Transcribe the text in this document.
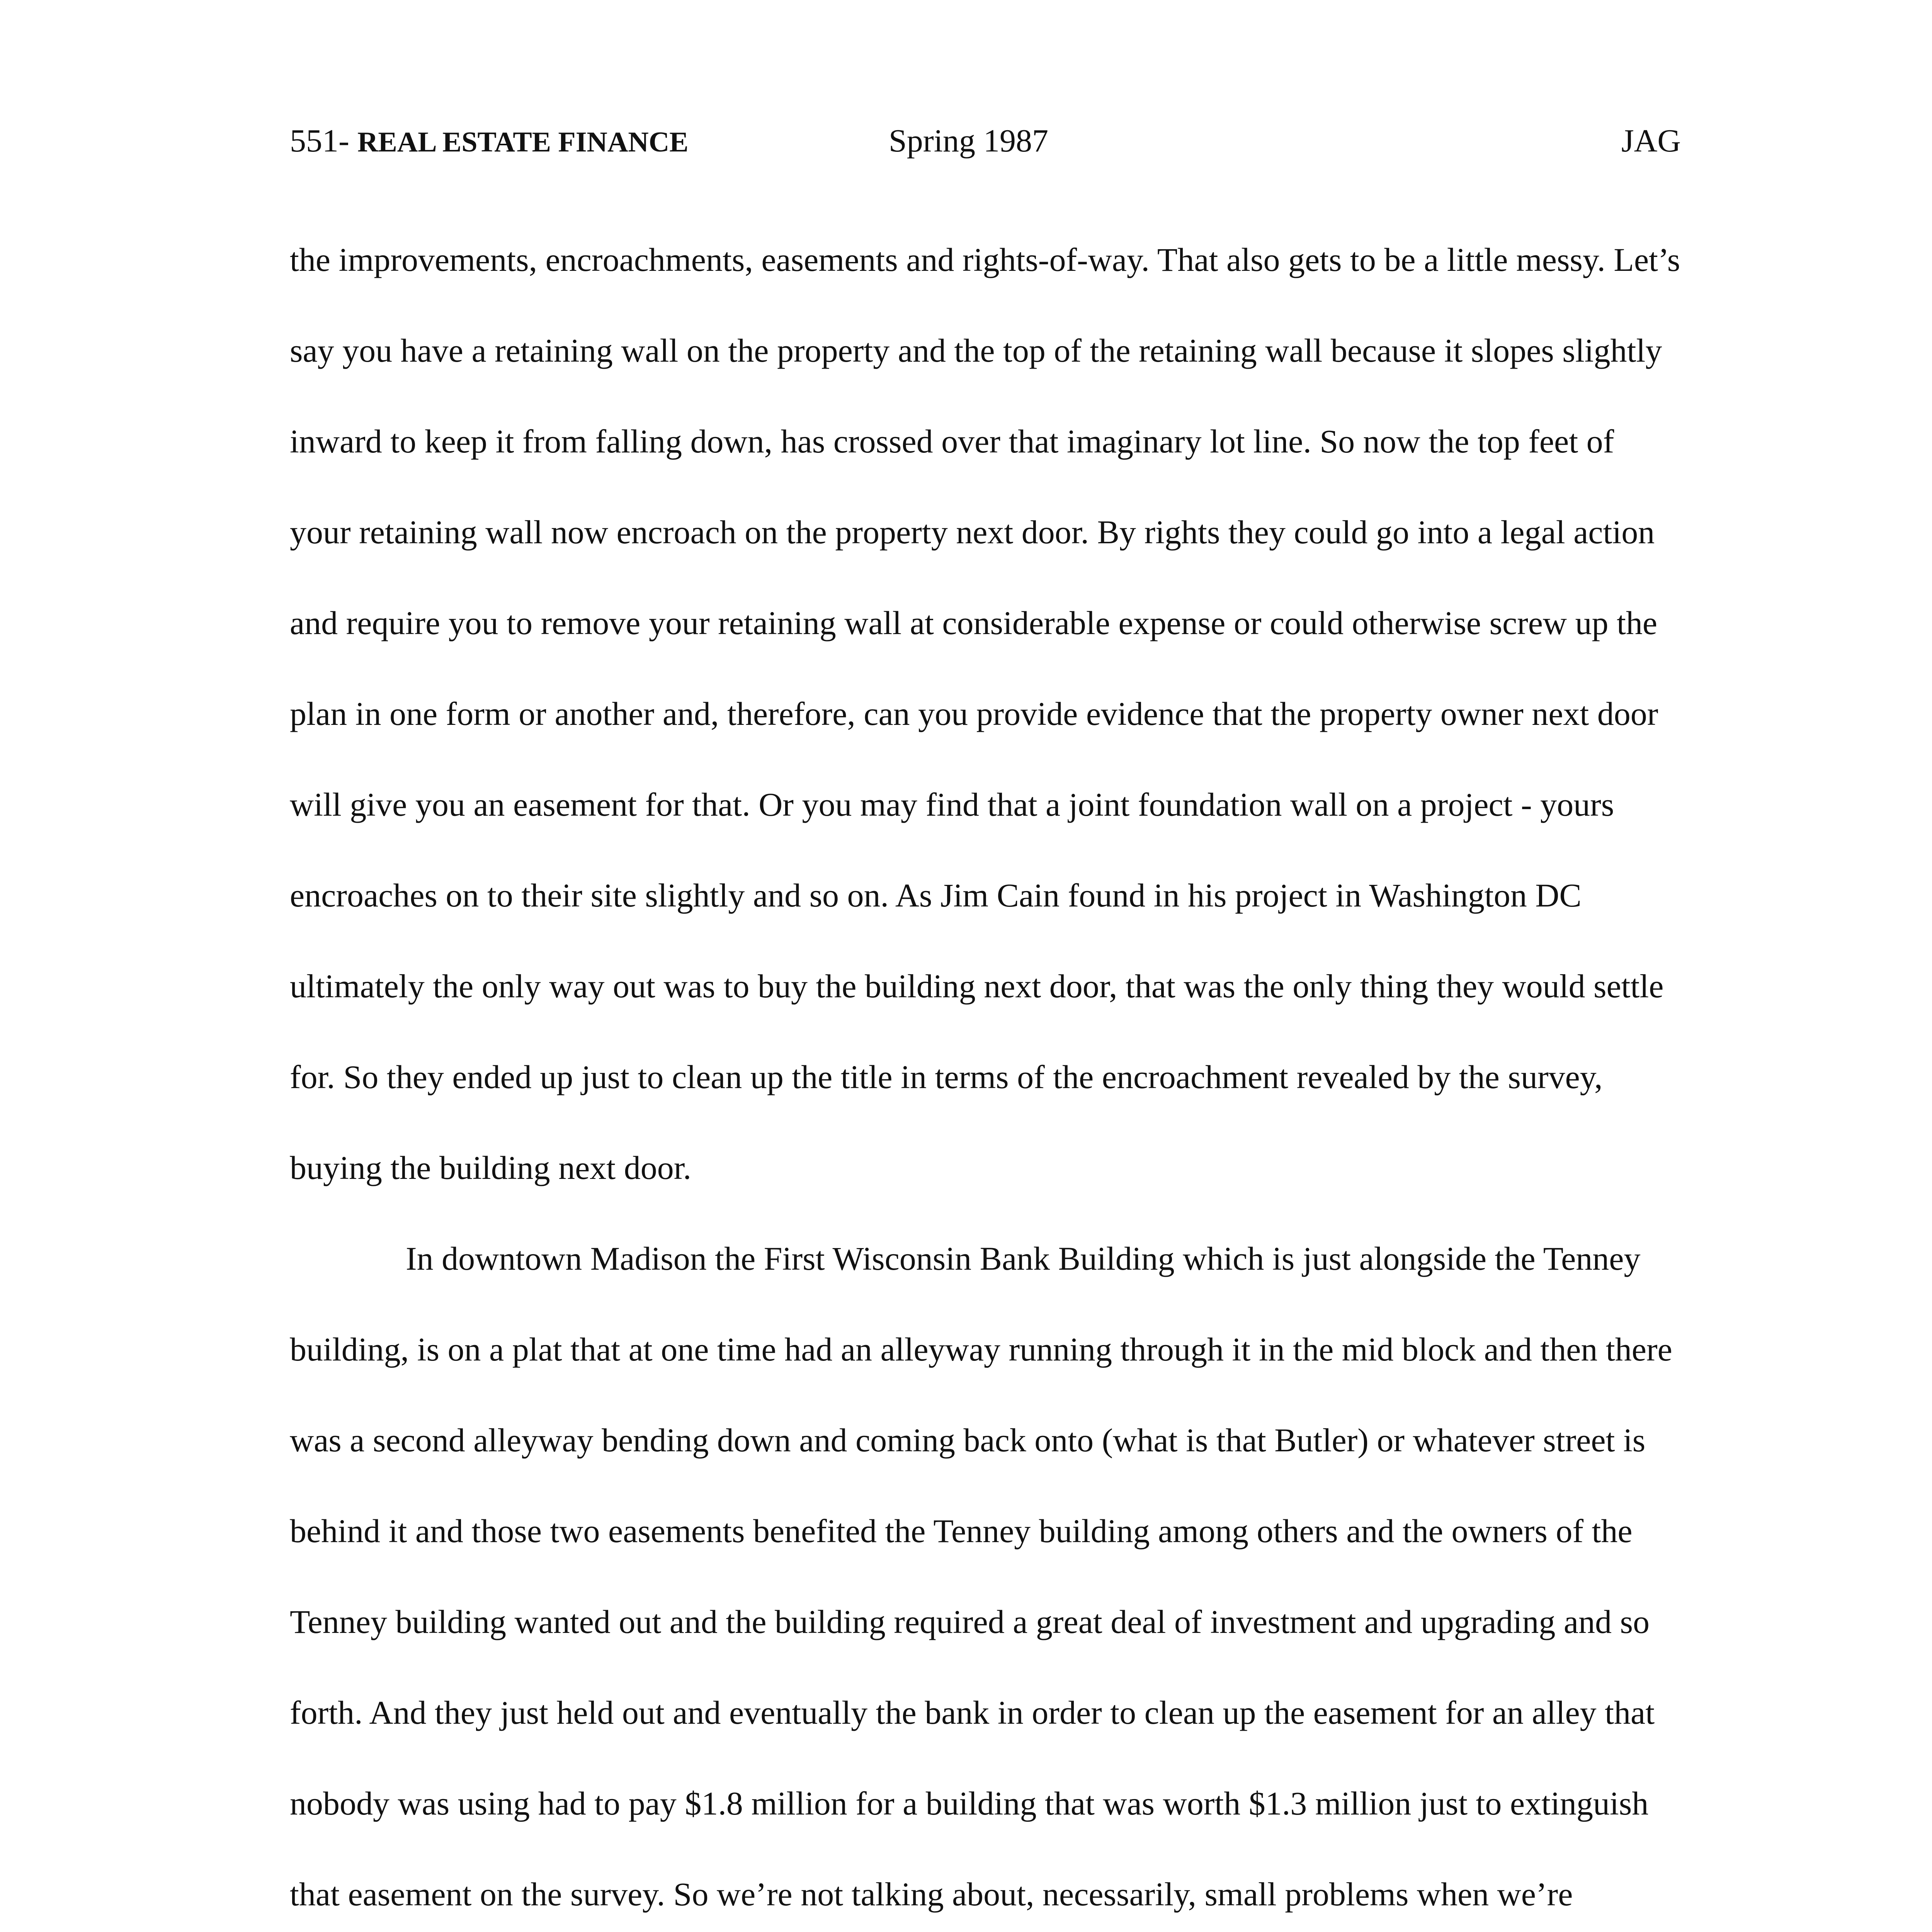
551- REAL ESTATE FINANCE	Spring 1987	JAG

the improvements, encroachments, easements and rights-of-way. That also gets to be a little messy. Let’s say you have a retaining wall on the property and the top of the retaining wall because it slopes slightly inward to keep it from falling down, has crossed over that imaginary lot line. So now the top feet of your retaining wall now encroach on the property next door. By rights they could go into a legal action and require you to remove your retaining wall at considerable expense or could otherwise screw up the plan in one form or another and, therefore, can you provide evidence that the property owner next door will give you an easement for that. Or you may find that a joint foundation wall on a project - yours encroaches on to their site slightly and so on. As Jim Cain found in his project in Washington DC ultimately the only way out was to buy the building next door, that was the only thing they would settle for. So they ended up just to clean up the title in terms of the encroachment revealed by the survey, buying the building next door.

In downtown Madison the First Wisconsin Bank Building which is just alongside the Tenney building, is on a plat that at one time had an alleyway running through it in the mid block and then there was a second alleyway bending down and coming back onto (what is that Butler) or whatever street is behind it and those two easements benefited the Tenney building among others and the owners of the Tenney building wanted out and the building required a great deal of investment and upgrading and so forth. And they just held out and eventually the bank in order to clean up the easement for an alley that nobody was using had to pay $1.8 million for a building that was worth $1.3 million just to extinguish that easement on the survey. So we’re not talking about, necessarily, small problems when we’re
